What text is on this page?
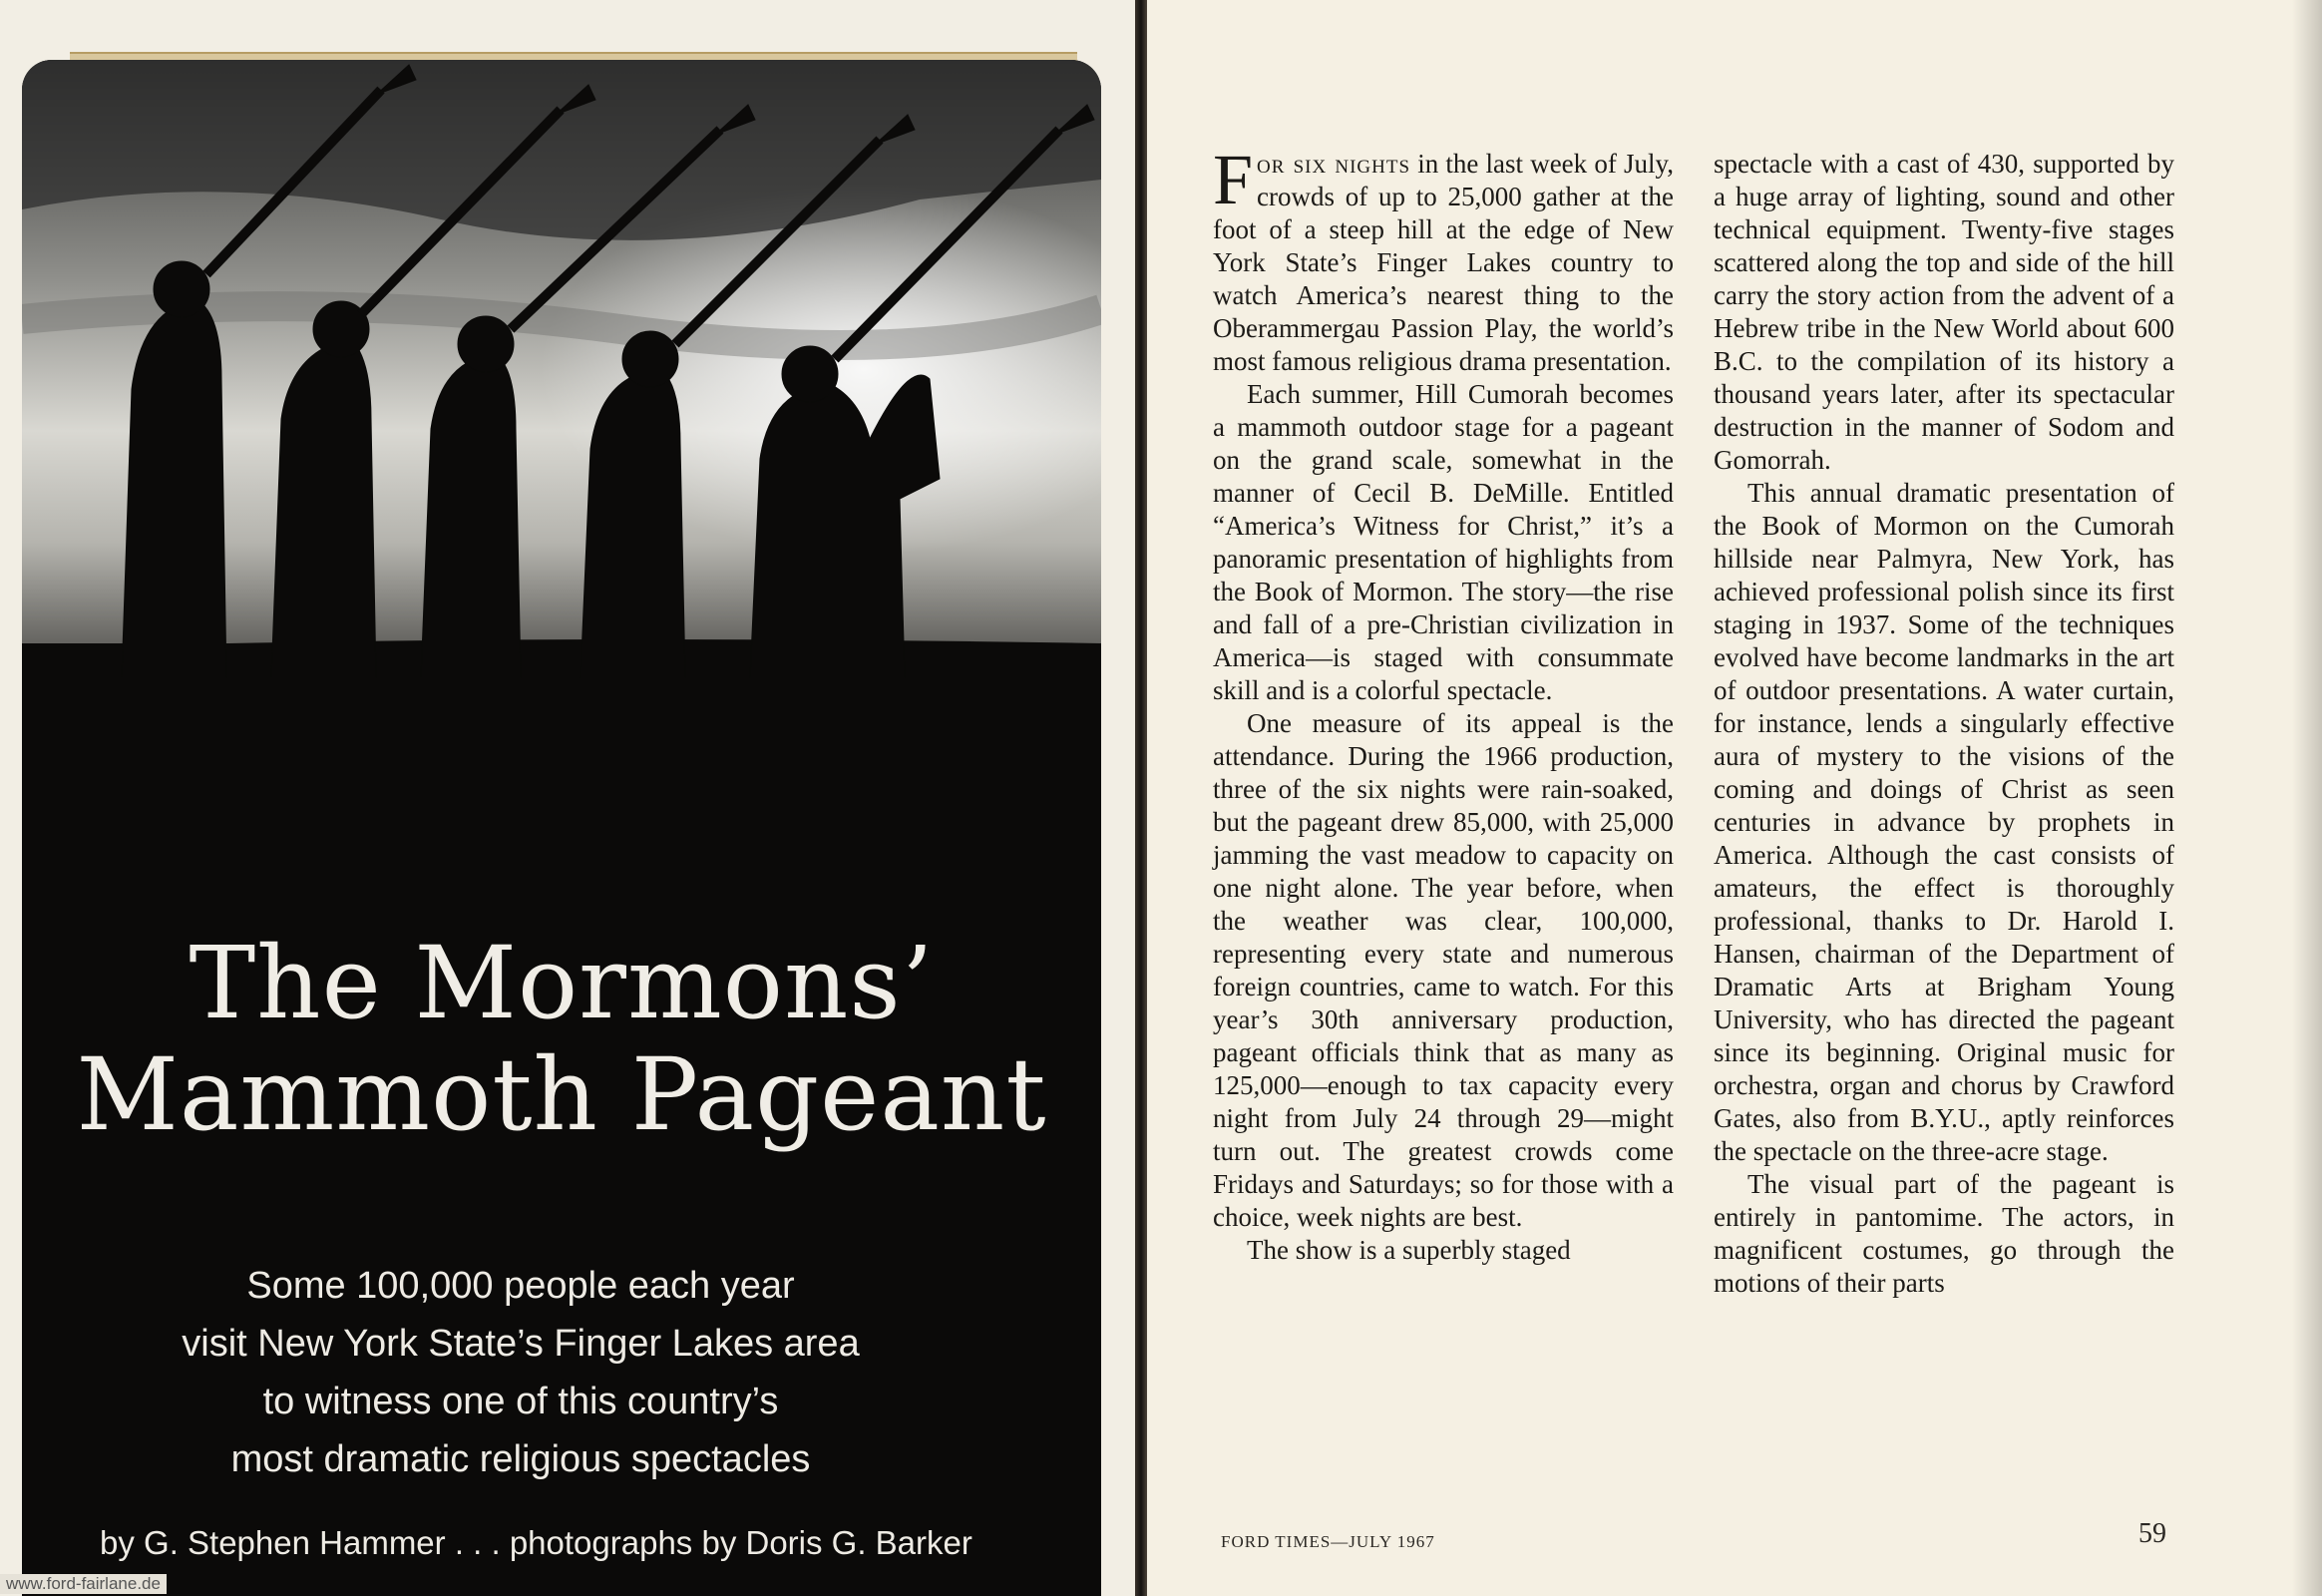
The Mormons’
Mammoth Pageant
Some 100,000 people each year
visit New York State’s Finger Lakes area
to witness one of this country’s
most dramatic religious spectacles
by G. Stephen Hammer . . . photographs by Doris G. Barker
www.ford-fairlane.de

For six nights in the last week of July, crowds of up to 25,000 gather at the foot of a steep hill at the edge of New York State’s Finger Lakes country to watch America’s nearest thing to the Oberammergau Passion Play, the world’s most famous religious drama presentation.

Each summer, Hill Cumorah becomes a mammoth outdoor stage for a pageant on the grand scale, somewhat in the manner of Cecil B. DeMille. Entitled “America’s Witness for Christ,” it’s a panoramic presentation of highlights from the Book of Mormon. The story—the rise and fall of a pre-Christian civilization in America—is staged with consummate skill and is a colorful spectacle.

One measure of its appeal is the attendance. During the 1966 production, three of the six nights were rain-soaked, but the pageant drew 85,000, with 25,000 jamming the vast meadow to capacity on one night alone. The year before, when the weather was clear, 100,000, representing every state and numerous foreign countries, came to watch. For this year’s 30th anniversary production, pageant officials think that as many as 125,000—enough to tax capacity every night from July 24 through 29—might turn out. The greatest crowds come Fridays and Saturdays; so for those with a choice, week nights are best.

The show is a superbly staged

spectacle with a cast of 430, supported by a huge array of lighting, sound and other technical equipment. Twenty-five stages scattered along the top and side of the hill carry the story action from the advent of a Hebrew tribe in the New World about 600 B.C. to the compilation of its history a thousand years later, after its spectacular destruction in the manner of Sodom and Gomorrah.

This annual dramatic presentation of the Book of Mormon on the Cumorah hillside near Palmyra, New York, has achieved professional polish since its first staging in 1937. Some of the techniques evolved have become landmarks in the art of outdoor presentations. A water curtain, for instance, lends a singularly effective aura of mystery to the visions of the coming and doings of Christ as seen centuries in advance by prophets in America. Although the cast consists of amateurs, the effect is thoroughly professional, thanks to Dr. Harold I. Hansen, chairman of the Department of Dramatic Arts at Brigham Young University, who has directed the pageant since its beginning. Original music for orchestra, organ and chorus by Crawford Gates, also from B.Y.U., aptly reinforces the spectacle on the three-acre stage.

The visual part of the pageant is entirely in pantomime. The actors, in magnificent costumes, go through the motions of their parts

FORD TIMES—JULY 1967	59
